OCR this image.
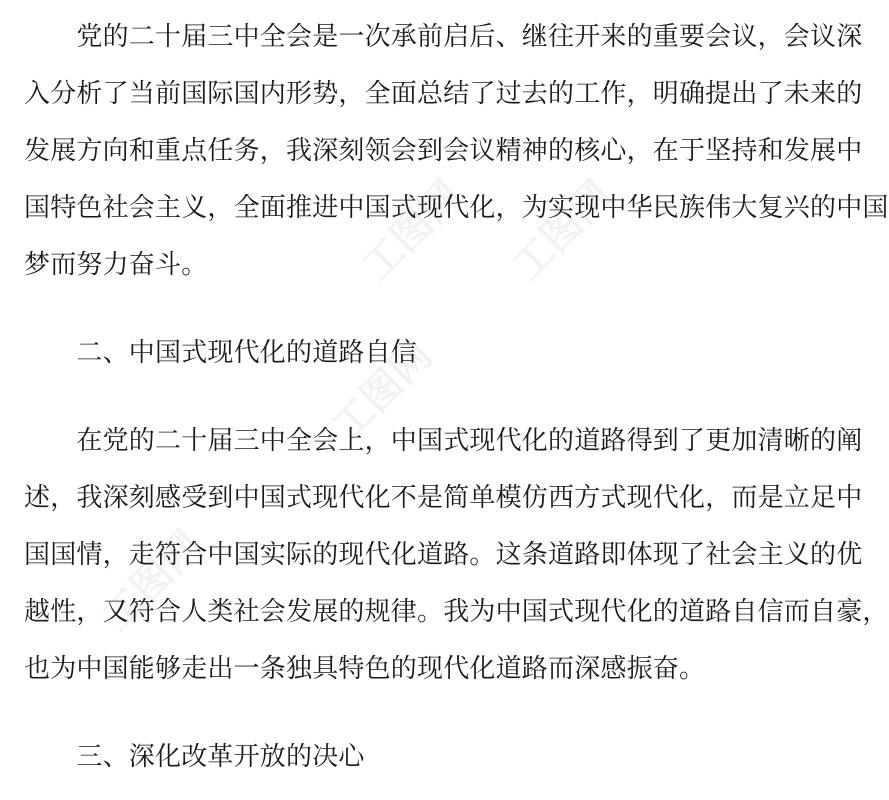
　　党的二十届三中全会是一次承前启后、继往开来的重要会议，会议深
入分析了当前国际国内形势，全面总结了过去的工作，明确提出了未来的
发展方向和重点任务，我深刻领会到会议精神的核心，在于坚持和发展中
国特色社会主义，全面推进中国式现代化，为实现中华民族伟大复兴的中国
梦而努力奋斗。
　　二、中国式现代化的道路自信
　　在党的二十届三中全会上，中国式现代化的道路得到了更加清晰的阐
述，我深刻感受到中国式现代化不是简单模仿西方式现代化，而是立足中
国国情，走符合中国实际的现代化道路。这条道路即体现了社会主义的优
越性，又符合人类社会发展的规律。我为中国式现代化的道路自信而自豪，
也为中国能够走出一条独具特色的现代化道路而深感振奋。
　　三、深化改革开放的决心
工图网 工图网
工图网
工图网
